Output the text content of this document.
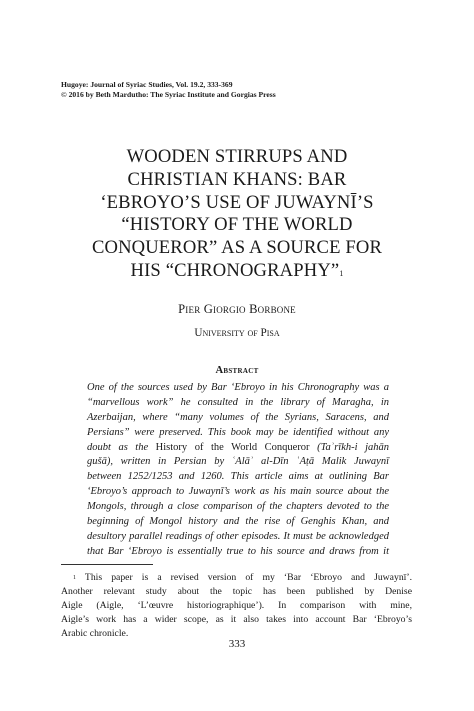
Hugoye: Journal of Syriac Studies, Vol. 19.2, 333-369
© 2016 by Beth Mardutho: The Syriac Institute and Gorgias Press
WOODEN STIRRUPS AND
CHRISTIAN KHANS: BAR
‘EBROYO’S USE OF JUWAYNĪ’S
“HISTORY OF THE WORLD
CONQUEROR” AS A SOURCE FOR
HIS “CHRONOGRAPHY”$^1$
Pier Giorgio Borbone
University of Pisa
Abstract
One of the sources used by Bar ‘Ebroyo in his Chronography was a
“marvellous work” he consulted in the library of Maragha, in
Azerbaijan, where “many volumes of the Syrians, Saracens, and
Persians” were preserved. This book may be identified without any
doubt as the History of the World Conqueror (Taʾrīkh-i jahān
gušā), written in Persian by ʿAlāʾ al-Dīn ʿAṭā Malik Juwaynī
between 1252/1253 and 1260. This article aims at outlining Bar
‘Ebroyo’s approach to Juwaynī’s work as his main source about the
Mongols, through a close comparison of the chapters devoted to the
beginning of Mongol history and the rise of Genghis Khan, and
desultory parallel readings of other episodes. It must be acknowledged
that Bar ‘Ebroyo is essentially true to his source and draws from it
$^1$ This paper is a revised version of my ‘Bar ‘Ebroyo and Juwaynī’.
Another relevant study about the topic has been published by Denise
Aigle (Aigle, ‘L’œuvre historiographique’). In comparison with mine,
Aigle’s work has a wider scope, as it also takes into account Bar ‘Ebroyo’s
Arabic chronicle.
333
